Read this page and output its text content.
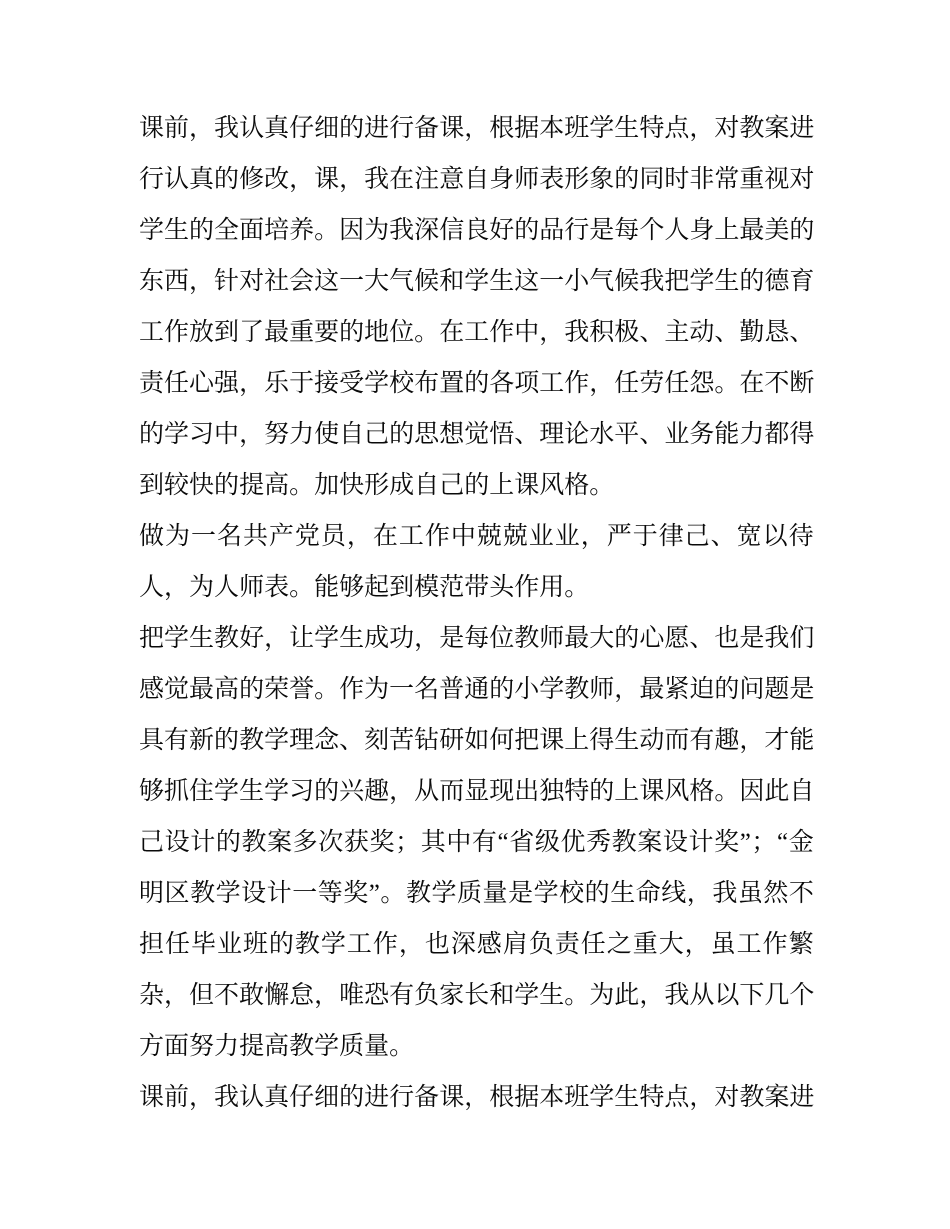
课 前 ， 我 认 真 仔 细 的 进 行 备 课 ， 根 据 本 班 学 生 特 点 ， 对 教 案 进
行 认 真 的 修 改 ， 课 ， 我 在 注 意 自 身 师 表 形 象 的 同 时 非 常 重 视 对
学 生 的 全 面 培 养 。 因 为 我 深 信 良 好 的 品 行 是 每 个 人 身 上 最 美 的
东 西 ， 针 对 社 会 这 一 大 气 候 和 学 生 这 一 小 气 候 我 把 学 生 的 德 育
工 作 放 到 了 最 重 要 的 地 位 。 在 工 作 中 ， 我 积 极 、 主 动 、 勤 恳 、
责 任 心 强 ， 乐 于 接 受 学 校 布 置 的 各 项 工 作 ， 任 劳 任 怨 。 在 不 断
的 学 习 中 ， 努 力 使 自 己 的 思 想 觉 悟 、 理 论 水 平 、 业 务 能 力 都 得
到 较 快 的 提 高 。 加 快 形 成 自 己 的 上 课 风 格 。
做 为 一 名 共 产 党 员 ， 在 工 作 中 兢 兢 业 业 ， 严 于 律 己 、 宽 以 待
人 ， 为 人 师 表 。 能 够 起 到 模 范 带 头 作 用 。
把 学 生 教 好 ， 让 学 生 成 功 ， 是 每 位 教 师 最 大 的 心 愿 、 也 是 我 们
感 觉 最 高 的 荣 誉 。 作 为 一 名 普 通 的 小 学 教 师 ， 最 紧 迫 的 问 题 是
具 有 新 的 教 学 理 念 、 刻 苦 钻 研 如 何 把 课 上 得 生 动 而 有 趣 ， 才 能
够 抓 住 学 生 学 习 的 兴 趣 ， 从 而 显 现 出 独 特 的 上 课 风 格 。 因 此 自
己 设 计 的 教 案 多 次 获 奖 ； 其 中 有 “ 省 级 优 秀 教 案 设 计 奖 ” ； “ 金
明 区 教 学 设 计 一 等 奖 ” 。 教 学 质 量 是 学 校 的 生 命 线 ， 我 虽 然 不
担 任 毕 业 班 的 教 学 工 作 ， 也 深 感 肩 负 责 任 之 重 大 ， 虽 工 作 繁
杂 ， 但 不 敢 懈 怠 ， 唯 恐 有 负 家 长 和 学 生 。 为 此 ， 我 从 以 下 几 个
方 面 努 力 提 高 教 学 质 量 。
课 前 ， 我 认 真 仔 细 的 进 行 备 课 ， 根 据 本 班 学 生 特 点 ， 对 教 案 进
